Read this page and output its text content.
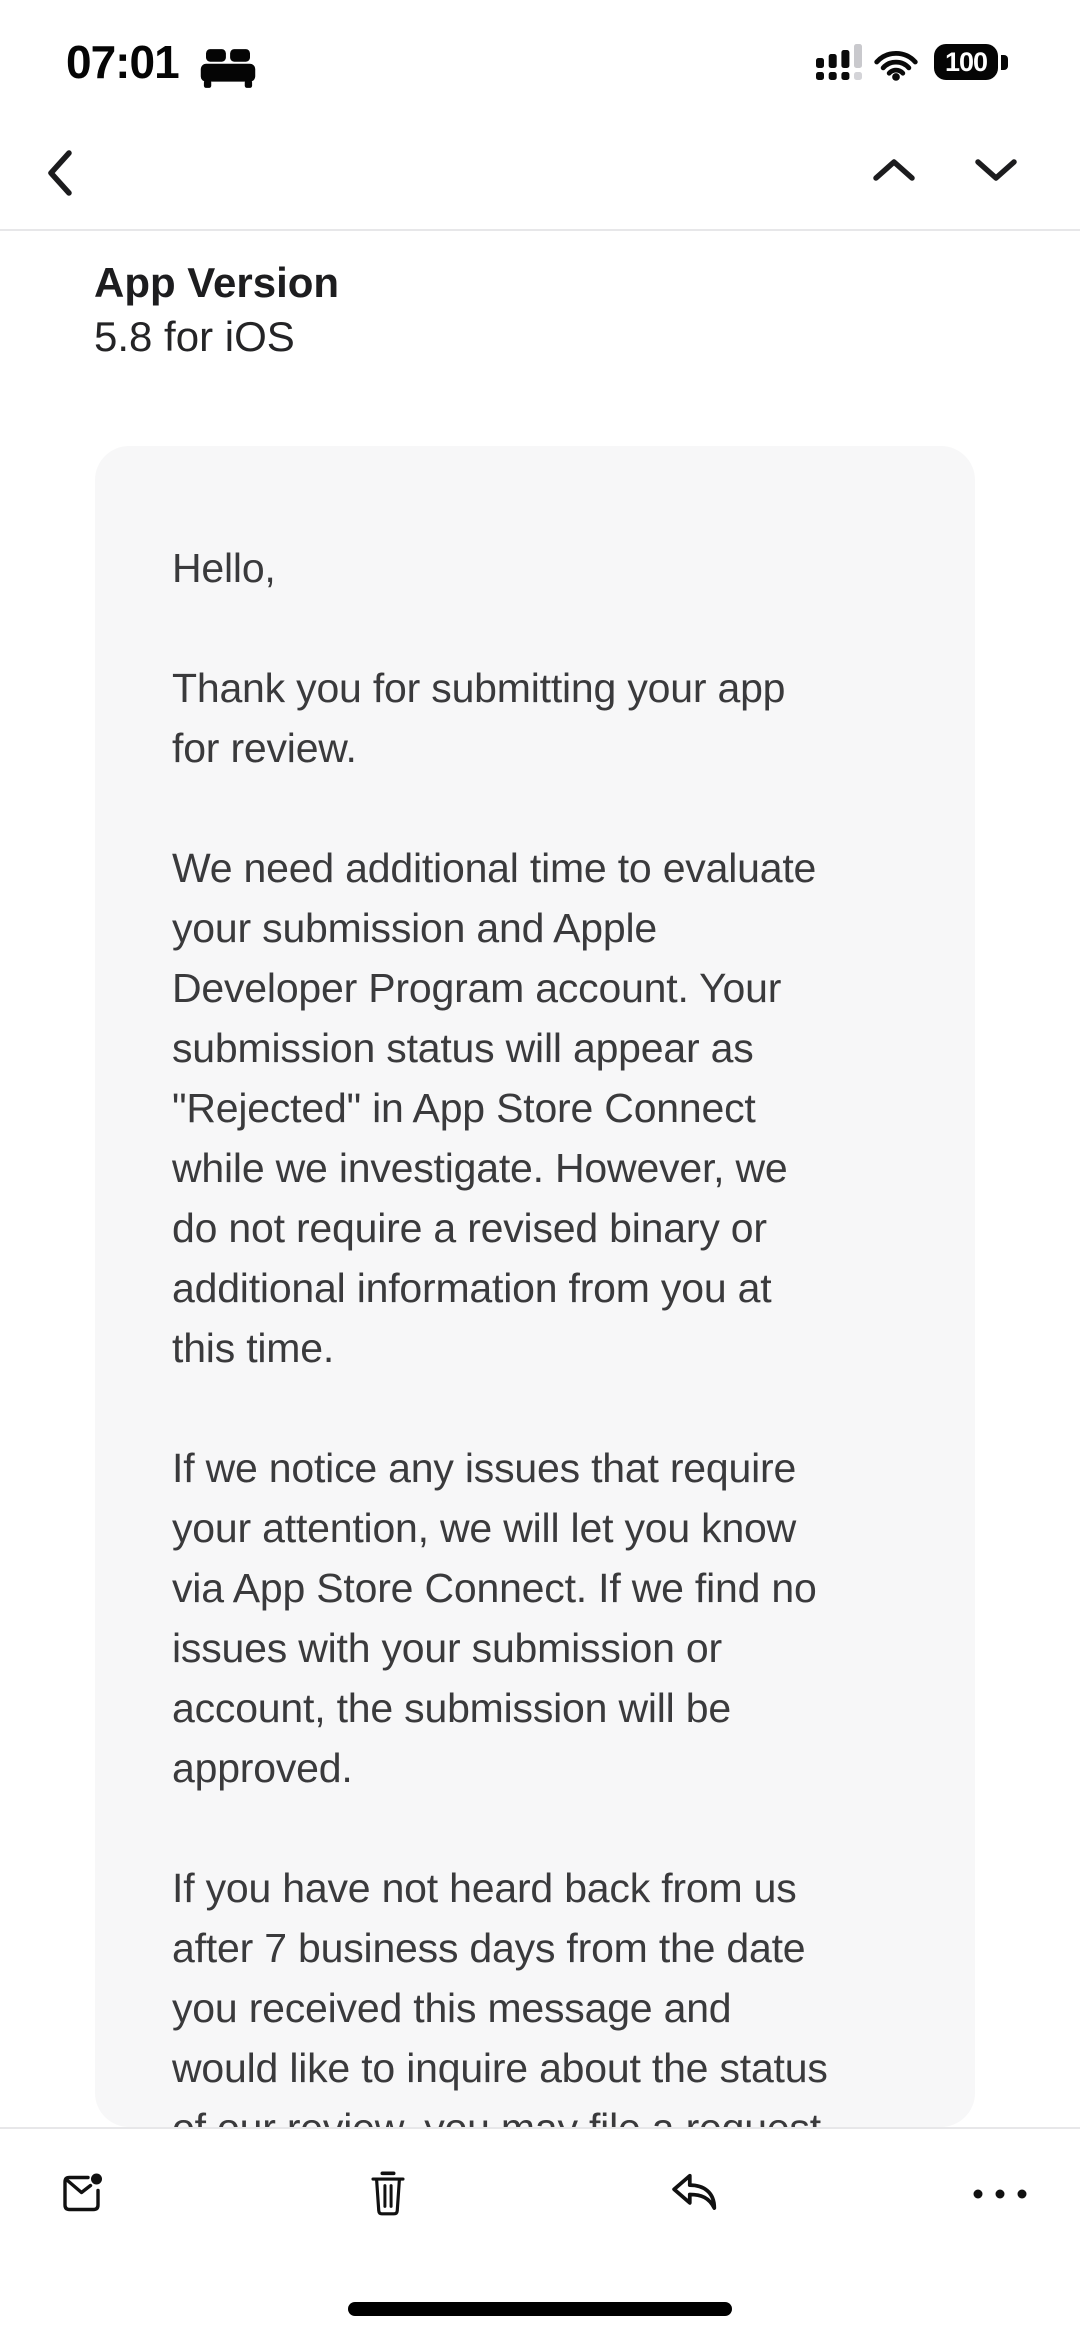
07:01	100
App Version
5.8 for iOS
Hello,
Thank you for submitting your app
for review.
We need additional time to evaluate
your submission and Apple
Developer Program account. Your
submission status will appear as
"Rejected" in App Store Connect
while we investigate. However, we
do not require a revised binary or
additional information from you at
this time.
If we notice any issues that require
your attention, we will let you know
via App Store Connect. If we find no
issues with your submission or
account, the submission will be
approved.
If you have not heard back from us
after 7 business days from the date
you received this message and
would like to inquire about the status
